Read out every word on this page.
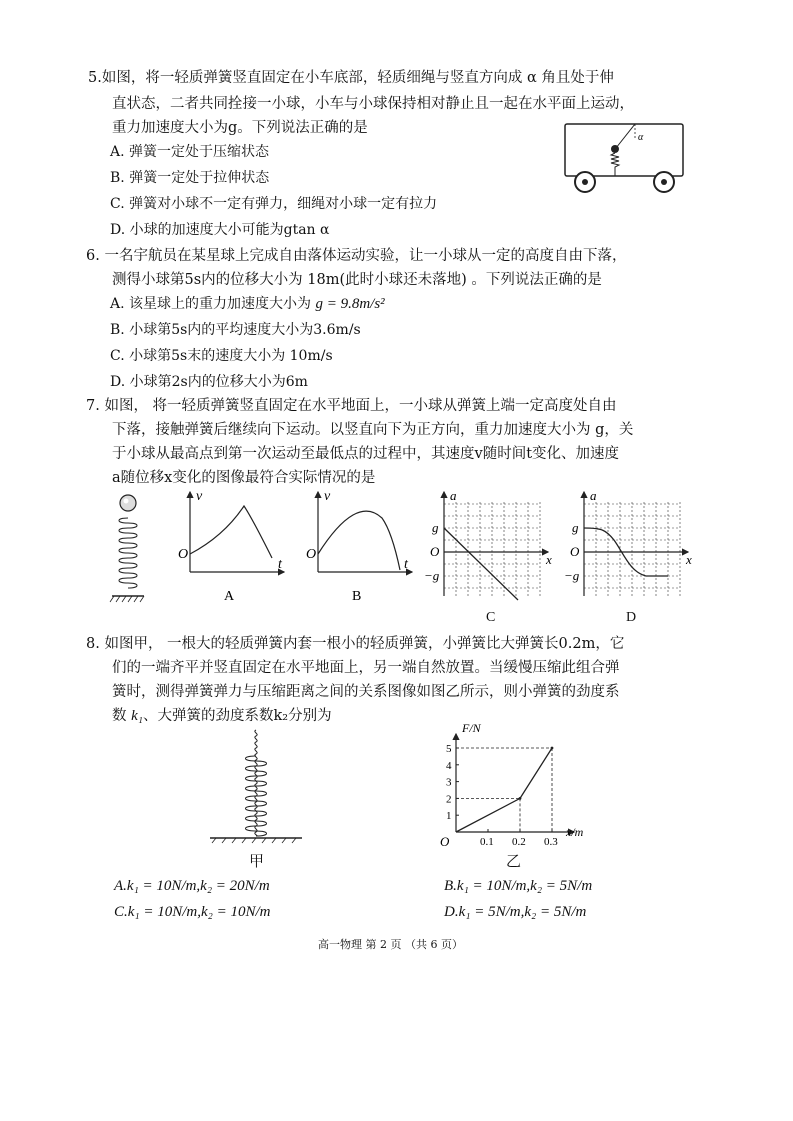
5.如图，将一轻质弹簧竖直固定在小车底部，轻质细绳与竖直方向成 α 角且处于伸
直状态，二者共同拴接一小球，小车与小球保持相对静止且一起在水平面上运动，
重力加速度大小为g。下列说法正确的是
A. 弹簧一定处于压缩状态
B. 弹簧一定处于拉伸状态
C. 弹簧对小球不一定有弹力，细绳对小球一定有拉力
D. 小球的加速度大小可能为gtan α
α
6. 一名宇航员在某星球上完成自由落体运动实验，让一小球从一定的高度自由下落，
测得小球第5s内的位移大小为 18m(此时小球还未落地) 。下列说法正确的是
A. 该星球上的重力加速度大小为 g = 9.8m/s²
B. 小球第5s内的平均速度大小为3.6m/s
C. 小球第5s末的速度大小为 10m/s
D. 小球第2s内的位移大小为6m
7. 如图， 将一轻质弹簧竖直固定在水平地面上，一小球从弹簧上端一定高度处自由
下落，接触弹簧后继续向下运动。以竖直向下为正方向，重力加速度大小为 g，关
于小球从最高点到第一次运动至最低点的过程中，其速度v随时间t变化、加速度
a随位移x变化的图像最符合实际情况的是
v
O
t
A
v
O
t
B
a
g
O
−g
x
C
a
g
O
−g
x
D
8. 如图甲， 一根大的轻质弹簧内套一根小的轻质弹簧，小弹簧比大弹簧长0.2m，它
们的一端齐平并竖直固定在水平地面上，另一端自然放置。当缓慢压缩此组合弹
簧时，测得弹簧弹力与压缩距离之间的关系图像如图乙所示，则小弹簧的劲度系
数 k₁、大弹簧的劲度系数k₂分别为
甲
1
2
3
4
5
0.1 0.2 0.3
F/N
x/m
O
乙
A.k₁ = 10N/m,k₂ = 20N/m	B.k₁ = 10N/m,k₂ = 5N/m
C.k₁ = 10N/m,k₂ = 10N/m	D.k₁ = 5N/m,k₂ = 5N/m
高一物理 第 2 页 （共 6 页）
